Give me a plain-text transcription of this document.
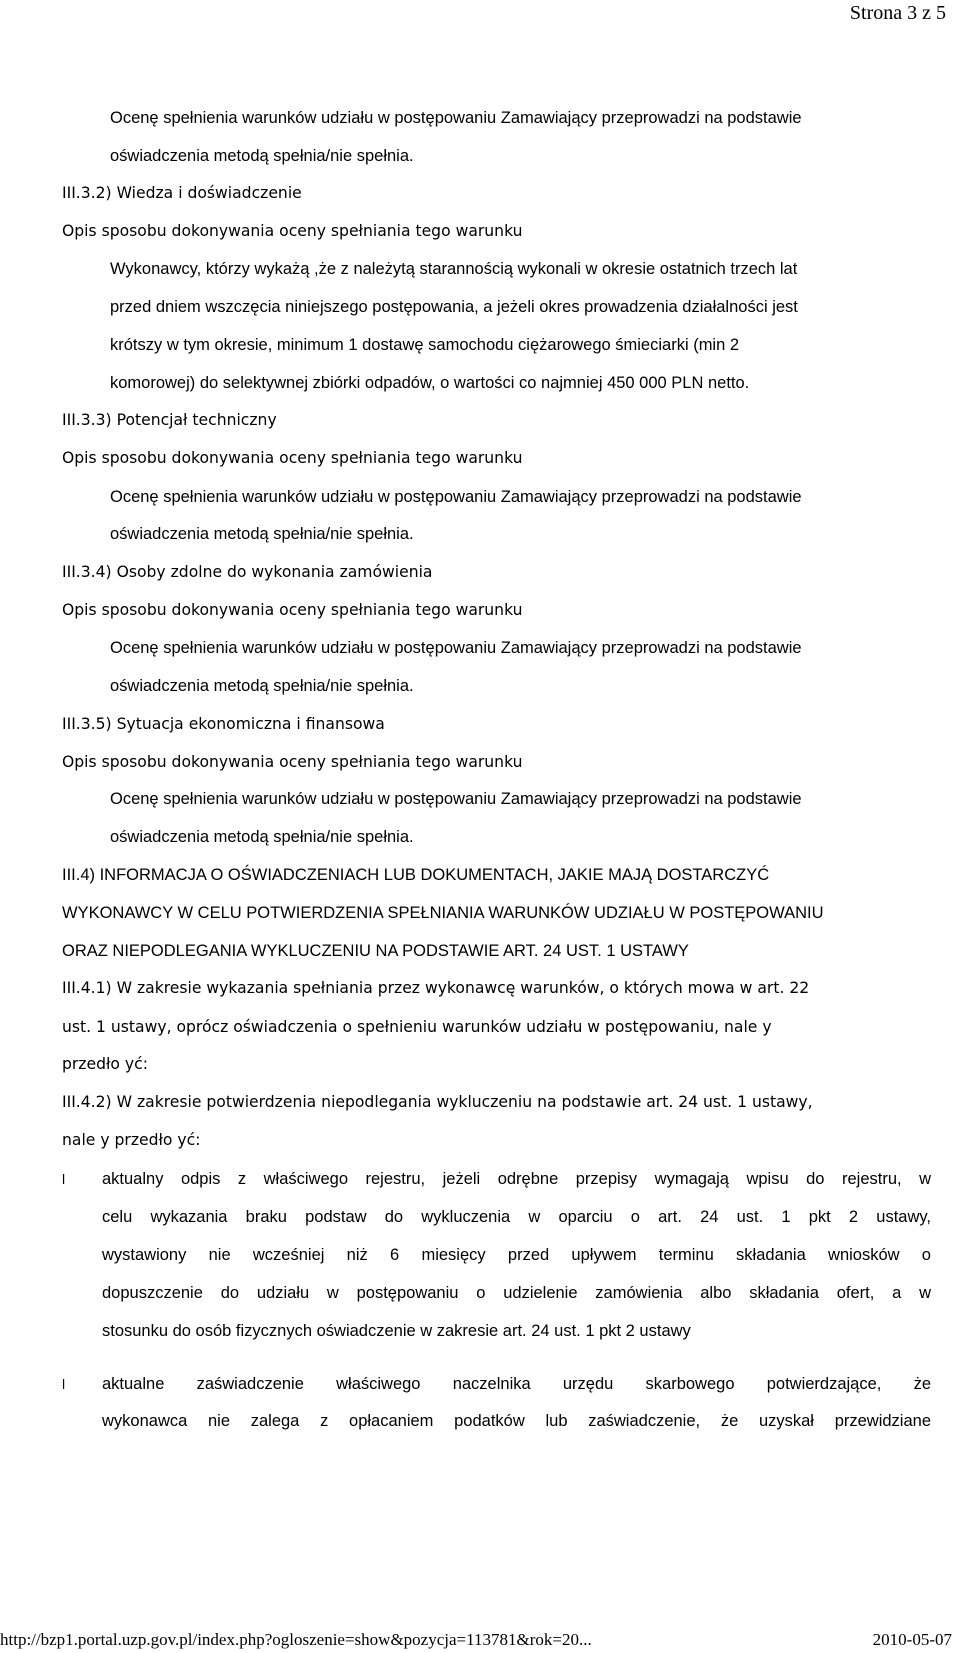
Strona 3 z 5
Ocenę spełnienia warunków udziału w postępowaniu Zamawiający przeprowadzi na podstawie
oświadczenia metodą spełnia/nie spełnia.
III.3.2) Wiedza i doświadczenie
Opis sposobu dokonywania oceny spełniania tego warunku
Wykonawcy, którzy wykażą ,że z należytą starannością wykonali w okresie ostatnich trzech lat
przed dniem wszczęcia niniejszego postępowania, a jeżeli okres prowadzenia działalności jest
krótszy w tym okresie, minimum 1 dostawę samochodu ciężarowego śmieciarki (min 2
komorowej) do selektywnej zbiórki odpadów, o wartości co najmniej 450 000 PLN netto.
III.3.3) Potencjał techniczny
Opis sposobu dokonywania oceny spełniania tego warunku
Ocenę spełnienia warunków udziału w postępowaniu Zamawiający przeprowadzi na podstawie
oświadczenia metodą spełnia/nie spełnia.
III.3.4) Osoby zdolne do wykonania zamówienia
Opis sposobu dokonywania oceny spełniania tego warunku
Ocenę spełnienia warunków udziału w postępowaniu Zamawiający przeprowadzi na podstawie
oświadczenia metodą spełnia/nie spełnia.
III.3.5) Sytuacja ekonomiczna i finansowa
Opis sposobu dokonywania oceny spełniania tego warunku
Ocenę spełnienia warunków udziału w postępowaniu Zamawiający przeprowadzi na podstawie
oświadczenia metodą spełnia/nie spełnia.
III.4) INFORMACJA O OŚWIADCZENIACH LUB DOKUMENTACH, JAKIE MAJĄ DOSTARCZYĆ
WYKONAWCY W CELU POTWIERDZENIA SPEŁNIANIA WARUNKÓW UDZIAŁU W POSTĘPOWANIU
ORAZ NIEPODLEGANIA WYKLUCZENIU NA PODSTAWIE ART. 24 UST. 1 USTAWY
III.4.1) W zakresie wykazania spełniania przez wykonawcę warunków, o których mowa w art. 22
ust. 1 ustawy, oprócz oświadczenia o spełnieniu warunków udziału w postępowaniu, nale y
przedło yć:
III.4.2) W zakresie potwierdzenia niepodlegania wykluczeniu na podstawie art. 24 ust. 1 ustawy,
nale y przedło yć:
l aktualny odpis z właściwego rejestru, jeżeli odrębne przepisy wymagają wpisu do rejestru, w
celu wykazania braku podstaw do wykluczenia w oparciu o art. 24 ust. 1 pkt 2 ustawy,
wystawiony nie wcześniej niż 6 miesięcy przed upływem terminu składania wniosków o
dopuszczenie do udziału w postępowaniu o udzielenie zamówienia albo składania ofert, a w
stosunku do osób fizycznych oświadczenie w zakresie art. 24 ust. 1 pkt 2 ustawy
l aktualne zaświadczenie właściwego naczelnika urzędu skarbowego potwierdzające, że
wykonawca nie zalega z opłacaniem podatków lub zaświadczenie, że uzyskał przewidziane
http://bzp1.portal.uzp.gov.pl/index.php?ogloszenie=show&pozycja=113781&rok=20...	2010-05-07
